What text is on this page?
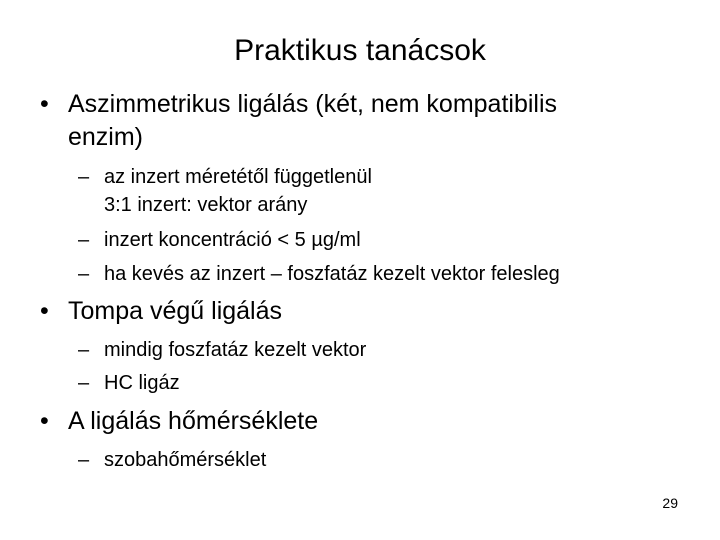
Praktikus tanácsok
• Aszimmetrikus ligálás (két, nem kompatibilis
enzim)
– az inzert méretétől függetlenül
3:1 inzert: vektor arány
– inzert koncentráció < 5 µg/ml
– ha kevés az inzert – foszfatáz kezelt vektor felesleg
• Tompa végű ligálás
– mindig foszfatáz kezelt vektor
– HC ligáz
• A ligálás hőmérséklete
– szobahőmérséklet
29
